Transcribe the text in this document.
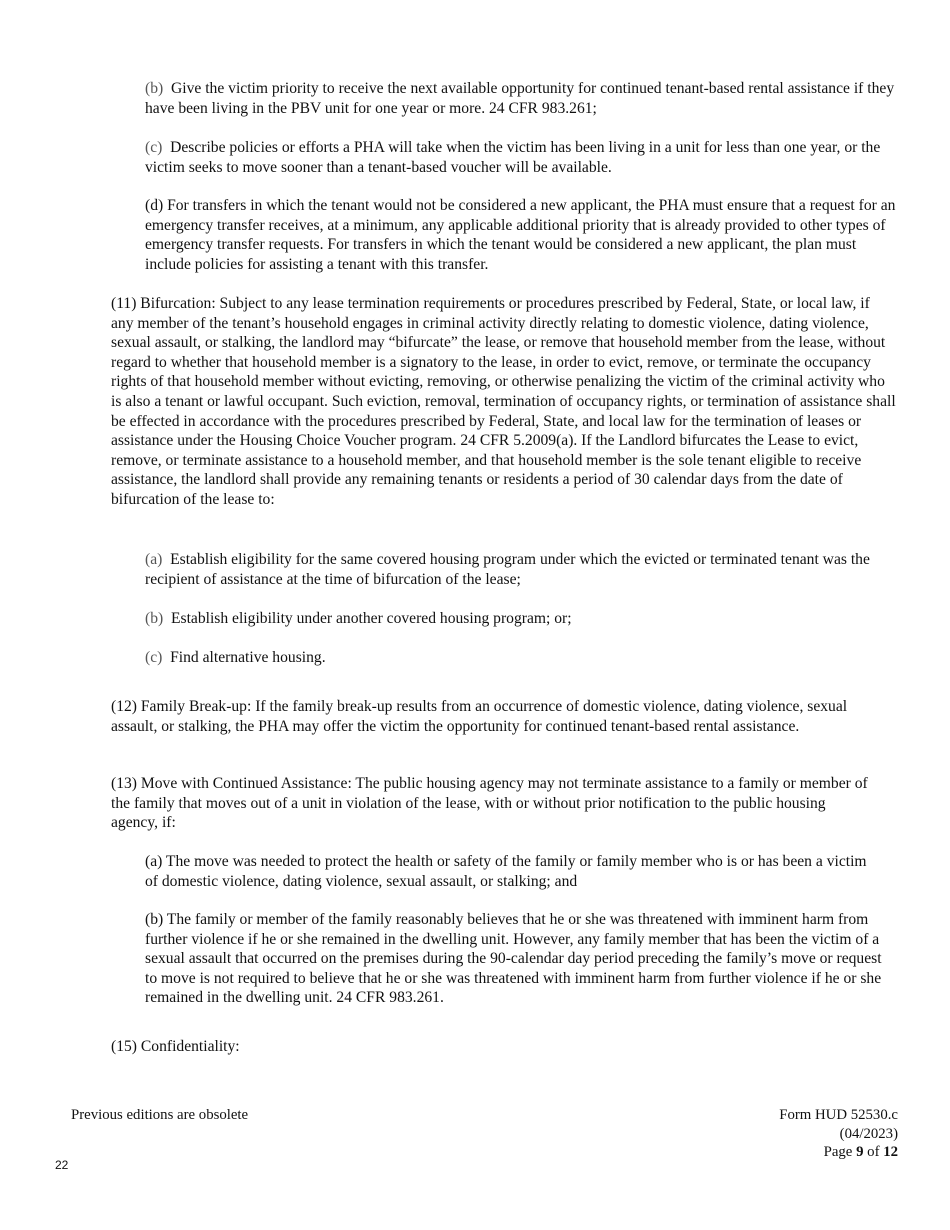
(b) Give the victim priority to receive the next available opportunity for continued tenant-based rental assistance if they have been living in the PBV unit for one year or more. 24 CFR 983.261;

(c) Describe policies or efforts a PHA will take when the victim has been living in a unit for less than one year, or the victim seeks to move sooner than a tenant-based voucher will be available.

(d) For transfers in which the tenant would not be considered a new applicant, the PHA must ensure that a request for an emergency transfer receives, at a minimum, any applicable additional priority that is already provided to other types of emergency transfer requests. For transfers in which the tenant would be considered a new applicant, the plan must include policies for assisting a tenant with this transfer.

(11) Bifurcation: Subject to any lease termination requirements or procedures prescribed by Federal, State, or local law, if any member of the tenant’s household engages in criminal activity directly relating to domestic violence, dating violence, sexual assault, or stalking, the landlord may “bifurcate” the lease, or remove that household member from the lease, without regard to whether that household member is a signatory to the lease, in order to evict, remove, or terminate the occupancy rights of that household member without evicting, removing, or otherwise penalizing the victim of the criminal activity who is also a tenant or lawful occupant. Such eviction, removal, termination of occupancy rights, or termination of assistance shall be effected in accordance with the procedures prescribed by Federal, State, and local law for the termination of leases or assistance under the Housing Choice Voucher program. 24 CFR 5.2009(a). If the Landlord bifurcates the Lease to evict, remove, or terminate assistance to a household member, and that household member is the sole tenant eligible to receive assistance, the landlord shall provide any remaining tenants or residents a period of 30 calendar days from the date of bifurcation of the lease to:

(a) Establish eligibility for the same covered housing program under which the evicted or terminated tenant was the recipient of assistance at the time of bifurcation of the lease;

(b) Establish eligibility under another covered housing program; or;

(c) Find alternative housing.

(12) Family Break-up: If the family break-up results from an occurrence of domestic violence, dating violence, sexual assault, or stalking, the PHA may offer the victim the opportunity for continued tenant-based rental assistance.

(13) Move with Continued Assistance: The public housing agency may not terminate assistance to a family or member of the family that moves out of a unit in violation of the lease, with or without prior notification to the public housing agency, if:

(a) The move was needed to protect the health or safety of the family or family member who is or has been a victim of domestic violence, dating violence, sexual assault, or stalking; and

(b) The family or member of the family reasonably believes that he or she was threatened with imminent harm from further violence if he or she remained in the dwelling unit. However, any family member that has been the victim of a sexual assault that occurred on the premises during the 90-calendar day period preceding the family’s move or request to move is not required to believe that he or she was threatened with imminent harm from further violence if he or she remained in the dwelling unit. 24 CFR 983.261.

(15) Confidentiality:

Previous editions are obsolete	Form HUD 52530.c
(04/2023)
Page 9 of 12
22
